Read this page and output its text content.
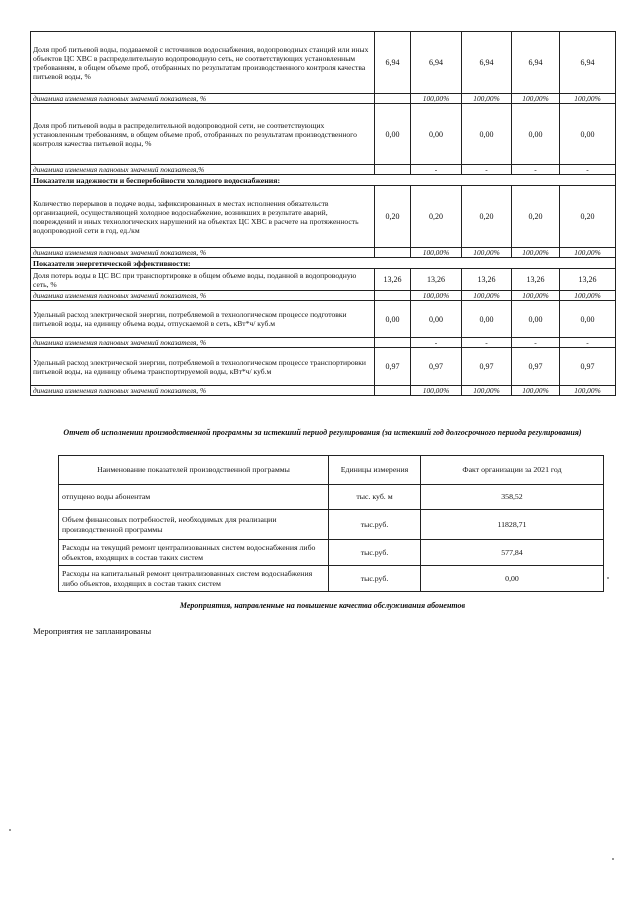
Доля проб питьевой воды, подаваемой с источников водоснабжения, водопроводных станций или иных объектов ЦС ХВС в распределительную водопроводную сеть, не соответствующих установленным требованиям, в общем объеме проб, отобранных по результатам производственного контроля качества питьевой воды, %	6,94	6,94	6,94	6,94	6,94
динамика изменения плановых значений показателя, %		100,00%	100,00%	100,00%	100,00%
Доля проб питьевой воды в распределительной водопроводной сети, не соответствующих установленным требованиям, в общем объеме проб, отобранных по результатам производственного контроля качества питьевой воды, %	0,00	0,00	0,00	0,00	0,00
динамика изменения плановых значений показателя,%		-	-	-	-
Показатели надежности и бесперебойности холодного водоснабжения:					
Количество перерывов в подаче воды, зафиксированных в местах исполнения обязательств организацией, осуществляющей холодное водоснабжение, возникших в результате аварий, повреждений и иных технологических нарушений на объектах ЦС ХВС в расчете на протяженность водопроводной сети в год, ед./км	0,20	0,20	0,20	0,20	0,20
динамика изменения плановых значений показателя, %		100,00%	100,00%	100,00%	100,00%
Показатели энергетической эффективности:					
Доля потерь воды в ЦС ВС при транспортировке в общем объеме воды, поданной в водопроводную сеть, %	13,26	13,26	13,26	13,26	13,26
динамика изменения плановых значений показателя, %		100,00%	100,00%	100,00%	100,00%
Удельный расход электрической энергии, потребляемой в технологическом процессе подготовки питьевой воды, на единицу объема воды, отпускаемой в сеть, кВт*ч/ куб.м	0,00	0,00	0,00	0,00	0,00
динамика изменения плановых значений показателя, %		-	-	-	-
Удельный расход электрической энергии, потребляемой в технологическом процессе транспортировки питьевой воды, на единицу объема транспортируемой воды, кВт*ч/ куб.м	0,97	0,97	0,97	0,97	0,97
динамика изменения плановых значений показателя, %		100,00%	100,00%	100,00%	100,00%
Отчет об исполнении производственной программы за истекший период регулирования (за истекший год долгосрочного периода регулирования)
Наименование показателей производственной программы	Единицы измерения	Факт организации за 2021 год
отпущено воды абонентам	тыс. куб. м	358,52
Объем финансовых потребностей, необходимых для реализации производственной программы	тыс.руб.	11828,71
Расходы на текущий ремонт централизованных систем водоснабжения либо объектов, входящих в состав таких систем	тыс.руб.	577,84
Расходы на капитальный ремонт централизованных систем водоснабжения либо объектов, входящих в состав таких систем	тыс.руб.	0,00
Мероприятия, направленные на повышение качества обслуживания абонентов
Мероприятия не запланированы
